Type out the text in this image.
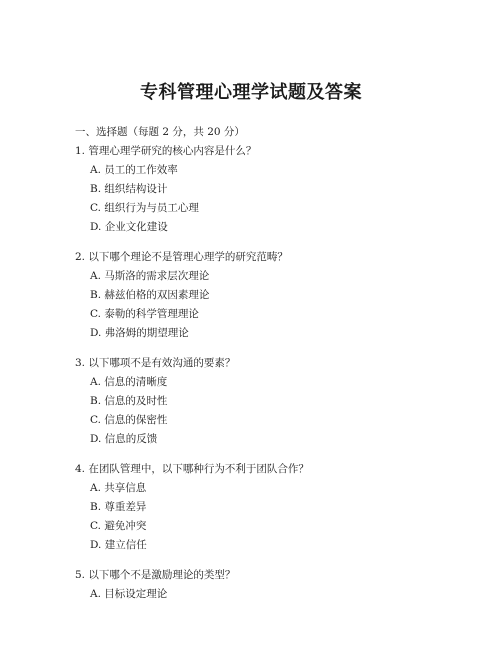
专科管理心理学试题及答案

一、选择题（每题 2 分，共 20 分）

1. 管理心理学研究的核心内容是什么？

A. 员工的工作效率

B. 组织结构设计

C. 组织行为与员工心理

D. 企业文化建设

2. 以下哪个理论不是管理心理学的研究范畴？

A. 马斯洛的需求层次理论

B. 赫兹伯格的双因素理论

C. 泰勒的科学管理理论

D. 弗洛姆的期望理论

3. 以下哪项不是有效沟通的要素？

A. 信息的清晰度

B. 信息的及时性

C. 信息的保密性

D. 信息的反馈

4. 在团队管理中，以下哪种行为不利于团队合作？

A. 共享信息

B. 尊重差异

C. 避免冲突

D. 建立信任

5. 以下哪个不是激励理论的类型？

A. 目标设定理论
